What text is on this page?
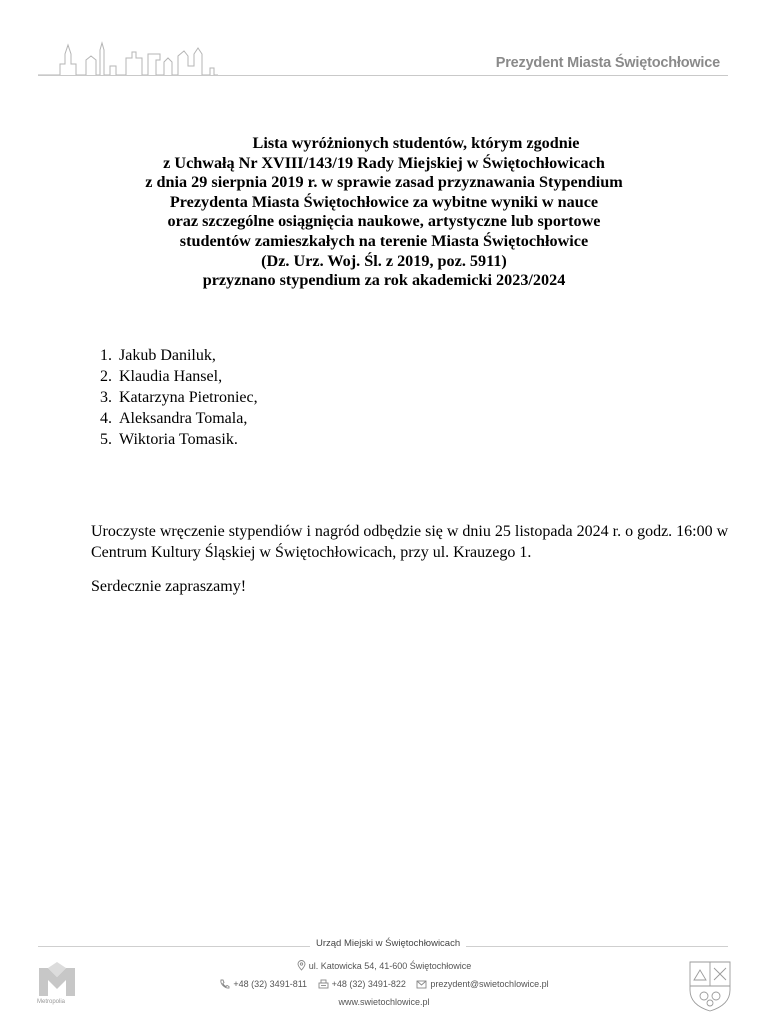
Prezydent Miasta Świętochłowice
Lista wyróżnionych studentów, którym zgodnie
z Uchwałą Nr XVIII/143/19 Rady Miejskiej w Świętochłowicach
z dnia 29 sierpnia 2019 r. w sprawie zasad przyznawania Stypendium
Prezydenta Miasta Świętochłowice za wybitne wyniki w nauce
oraz szczególne osiągnięcia naukowe, artystyczne lub sportowe
studentów zamieszkałych na terenie Miasta Świętochłowice
(Dz. Urz. Woj. Śl. z 2019, poz. 5911)
przyznano stypendium za rok akademicki 2023/2024
1. Jakub Daniluk,
2. Klaudia Hansel,
3. Katarzyna Pietroniec,
4. Aleksandra Tomala,
5. Wiktoria Tomasik.

Uroczyste wręczenie stypendiów i nagród odbędzie się w dniu 25 listopada 2024 r. o godz. 16:00 w Centrum Kultury Śląskiej w Świętochłowicach, przy ul. Krauzego 1.

Serdecznie zapraszamy!

Urząd Miejski w Świętochłowicach
ul. Katowicka 54, 41-600 Świętochłowice
+48 (32) 3491-811	+48 (32) 3491-822	prezydent@swietochlowice.pl
www.swietochlowice.pl
Metropolia
